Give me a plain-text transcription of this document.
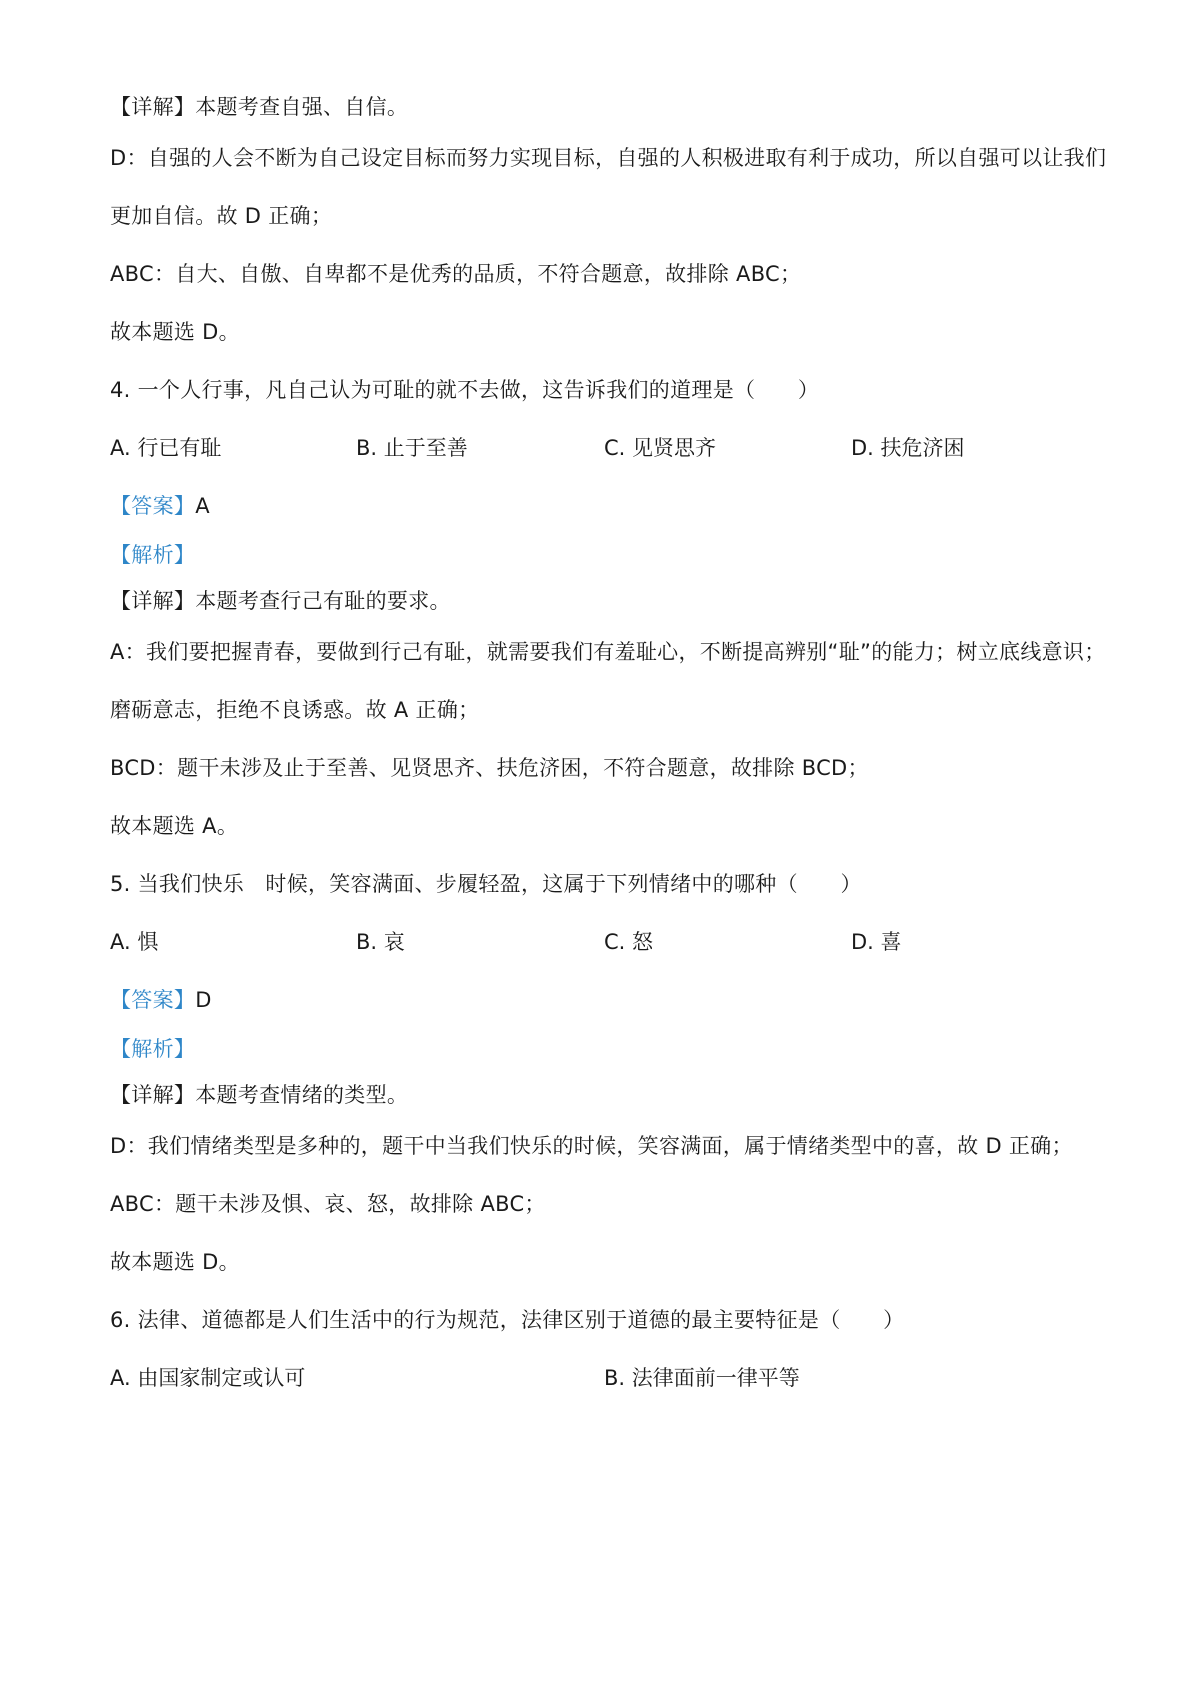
【详解】本题考查自强、自信。
D：自强的人会不断为自己设定目标而努力实现目标，自强的人积极进取有利于成功，所以自强可以让我们
更加自信。故 D 正确；
ABC：自大、自傲、自卑都不是优秀的品质，不符合题意，故排除 ABC；
故本题选 D。
4. 一个人行事，凡自己认为可耻的就不去做，这告诉我们的道理是（　　）
A. 行已有耻	B. 止于至善	C. 见贤思齐	D. 扶危济困
【答案】A
【解析】
【详解】本题考查行己有耻的要求。
A：我们要把握青春，要做到行己有耻，就需要我们有羞耻心，不断提高辨别“耻”的能力；树立底线意识；
磨砺意志，拒绝不良诱惑。故 A 正确；
BCD：题干未涉及止于至善、见贤思齐、扶危济困，不符合题意，故排除 BCD；
故本题选 A。
5. 当我们快乐　时候，笑容满面、步履轻盈，这属于下列情绪中的哪种（　　）
A. 惧	B. 哀	C. 怒	D. 喜
【答案】D
【解析】
【详解】本题考查情绪的类型。
D：我们情绪类型是多种的，题干中当我们快乐的时候，笑容满面，属于情绪类型中的喜，故 D 正确；
ABC：题干未涉及惧、哀、怒，故排除 ABC；
故本题选 D。
6. 法律、道德都是人们生活中的行为规范，法律区别于道德的最主要特征是（　　）
A. 由国家制定或认可	B. 法律面前一律平等
